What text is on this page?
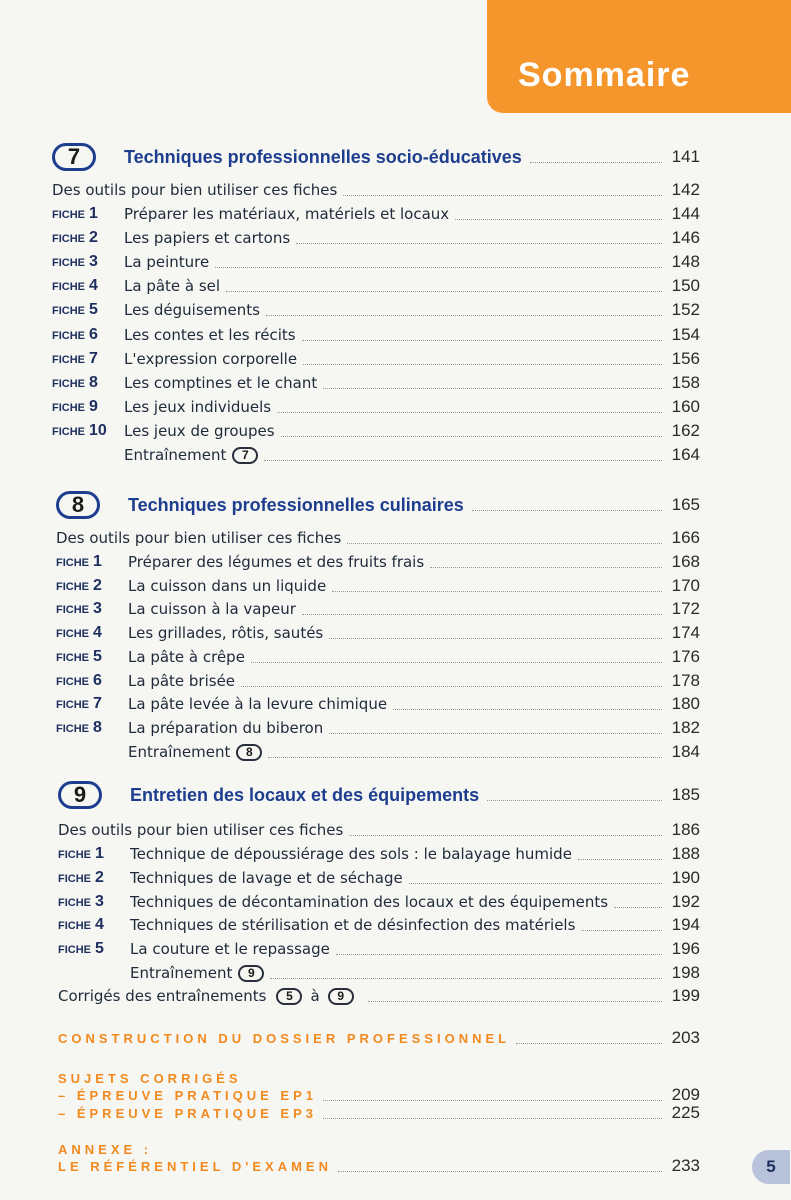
Sommaire
7	Techniques professionnelles socio-éducatives	141
Des outils pour bien utiliser ces fiches	142
FICHE 1 Préparer les matériaux, matériels et locaux	144
FICHE 2 Les papiers et cartons	146
FICHE 3 La peinture	148
FICHE 4 La pâte à sel	150
FICHE 5 Les déguisements	152
FICHE 6 Les contes et les récits	154
FICHE 7 L'expression corporelle	156
FICHE 8 Les comptines et le chant	158
FICHE 9 Les jeux individuels	160
FICHE 10 Les jeux de groupes	162
Entraînement	7	164
8	Techniques professionnelles culinaires	165
Des outils pour bien utiliser ces fiches	166
FICHE 1 Préparer des légumes et des fruits frais	168
FICHE 2 La cuisson dans un liquide	170
FICHE 3 La cuisson à la vapeur	172
FICHE 4 Les grillades, rôtis, sautés	174
FICHE 5 La pâte à crêpe	176
FICHE 6 La pâte brisée	178
FICHE 7 La pâte levée à la levure chimique	180
FICHE 8 La préparation du biberon	182
Entraînement	8	184
9	Entretien des locaux et des équipements	185
Des outils pour bien utiliser ces fiches	186
FICHE 1 Technique de dépoussiérage des sols : le balayage humide	188
FICHE 2 Techniques de lavage et de séchage	190
FICHE 3 Techniques de décontamination des locaux et des équipements	192
FICHE 4 Techniques de stérilisation et de désinfection des matériels	194
FICHE 5 La couture et le repassage	196
Entraînement	9	198
Corrigés des entraînements	5	à	9	199
CONSTRUCTION DU DOSSIER PROFESSIONNEL	203
SUJETS CORRIGÉS
– ÉPREUVE PRATIQUE EP1	209
– ÉPREUVE PRATIQUE EP3	225
ANNEXE :
LE RÉFÉRENTIEL D'EXAMEN	233	5
